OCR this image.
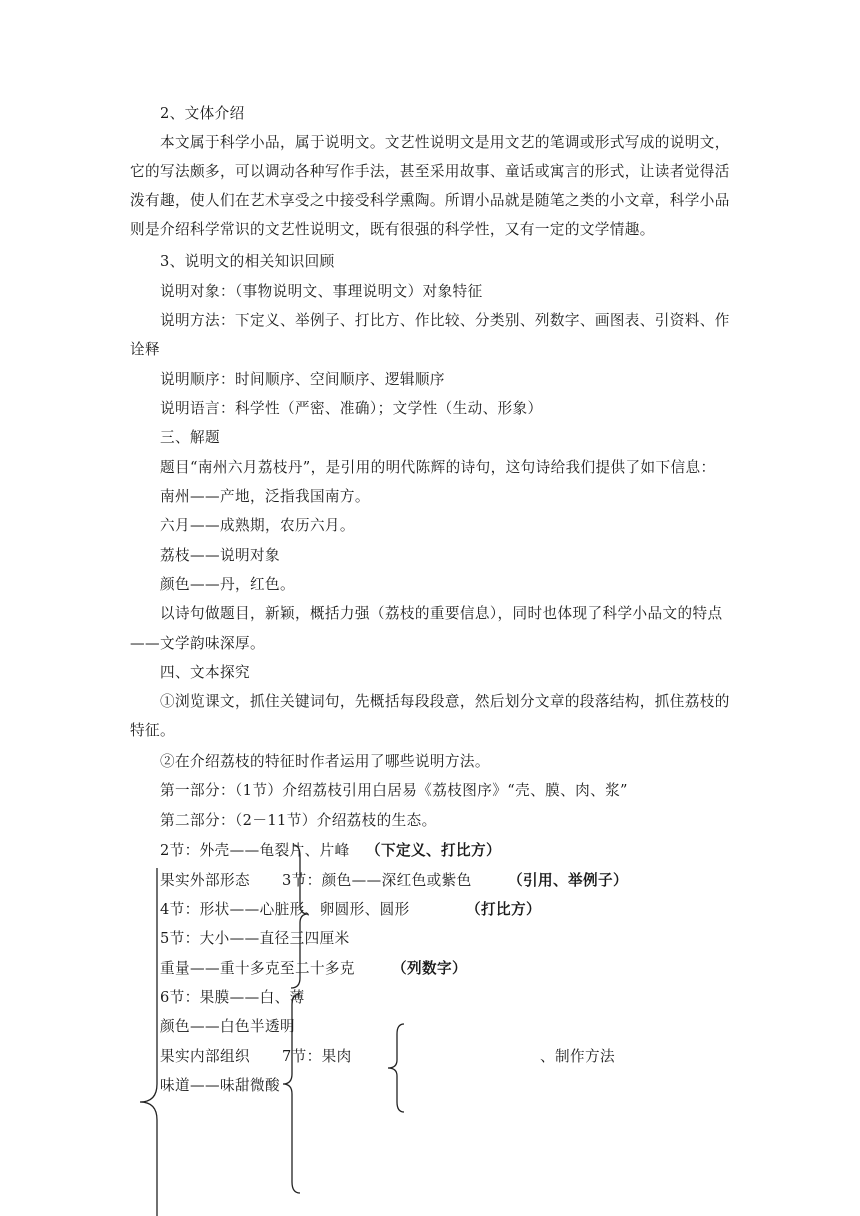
2、文体介绍
本文属于科学小品，属于说明文。文艺性说明文是用文艺的笔调或形式写成的说明文，
它的写法颇多，可以调动各种写作手法，甚至采用故事、童话或寓言的形式，让读者觉得活
泼有趣，使人们在艺术享受之中接受科学熏陶。所谓小品就是随笔之类的小文章，科学小品
则是介绍科学常识的文艺性说明文，既有很强的科学性，又有一定的文学情趣。
3、说明文的相关知识回顾
说明对象：（事物说明文、事理说明文）对象特征
说明方法：下定义、举例子、打比方、作比较、分类别、列数字、画图表、引资料、作
诠释
说明顺序：时间顺序、空间顺序、逻辑顺序
说明语言：科学性（严密、准确）；文学性（生动、形象）
三、解题
题目“南州六月荔枝丹”，是引用的明代陈辉的诗句，这句诗给我们提供了如下信息：
南州——产地，泛指我国南方。
六月——成熟期，农历六月。
荔枝——说明对象
颜色——丹，红色。
以诗句做题目，新颖，概括力强（荔枝的重要信息），同时也体现了科学小品文的特点
——文学韵味深厚。
四、文本探究
①浏览课文，抓住关键词句，先概括每段段意，然后划分文章的段落结构，抓住荔枝的
特征。
②在介绍荔枝的特征时作者运用了哪些说明方法。
第一部分：（1节）介绍荔枝引用白居易《荔枝图序》“壳、膜、肉、浆”
第二部分：（2－11节）介绍荔枝的生态。
2节：外壳——龟裂片、片峰 （下定义、打比方）
果实外部形态 3节：颜色——深红色或紫色 （引用、举例子）
4节：形状——心脏形、卵圆形、圆形	（打比方）
5节：大小——直径三四厘米
重量——重十多克至二十多克	（列数字）
6节：果膜——白、薄
颜色——白色半透明
果实内部组织 7节：果肉	、制作方法
味道——味甜微酸
